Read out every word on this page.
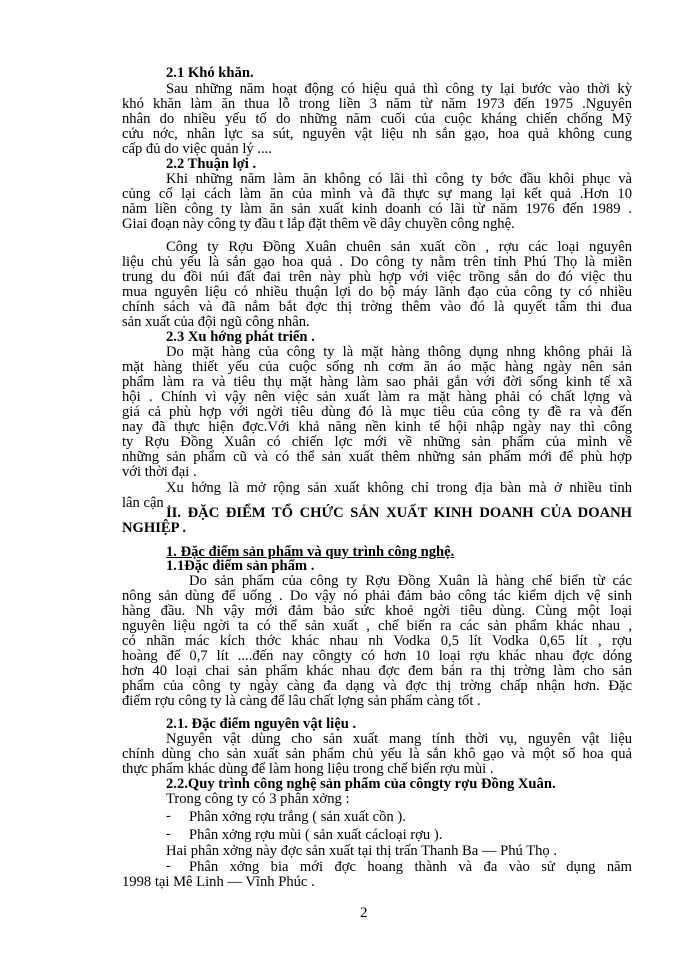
2.1 Khó khăn.
Sau những năm hoạt động có hiệu quả thì công ty lại bước vào thời kỳ
khó khăn làm ăn thua lỗ trong liền 3 năm từ năm 1973 đến 1975 .Nguyên
nhân do nhiều yếu tố do những năm cuối của cuộc kháng chiến chống Mỹ
cứu nớc, nhân lực sa sút, nguyên vật liệu nh sắn gạo, hoa quả không cung
cấp đủ do việc quản lý ....
2.2 Thuận lợi .
Khi những năm làm ăn không có lãi thì công ty bớc đầu khôi phục và
củng cố lại cách làm ăn của mình và đã thực sự mang lại kết quả .Hơn 10
năm liền công ty làm ăn sản xuất kinh doanh có lãi từ năm 1976 đến 1989 .
Giai đoạn này công ty đầu t lắp đặt thêm về dây chuyền công nghệ.
Công ty Rợu Đồng Xuân chuên sản xuất cồn , rợu các loại nguyên
liệu chủ yếu là sắn gạo hoa quả . Do công ty nằm trên tỉnh Phú Thọ là miền
trung du đồi núi đất đai trên này phù hợp với việc trồng sắn do đó việc thu
mua nguyên liệu có nhiều thuận lợi do bộ máy lãnh đạo của công ty có nhiều
chính sách và đã nắm bắt đợc thị trờng thêm vào đó là quyết tâm thi đua
sản xuất của đội ngũ công nhân.
2.3 Xu hớng phát triển .
Do mặt hàng của công ty là mặt hàng thông dụng nhng không phải là
mặt hàng thiết yếu của cuộc sống nh cơm ăn áo mặc hàng ngày nên sản
phẩm làm ra và tiêu thụ mặt hàng làm sao phải gắn với đời sống kinh tế xã
hội . Chính vì vậy nên việc sản xuất làm ra mặt hàng phải có chất lợng và
giá cả phù hợp với ngời tiêu dùng đó là mục tiêu của công ty đề ra và đến
nay đã thực hiện đợc.Với khả năng nền kinh tế hội nhập ngày nay thì công
ty Rợu Đồng Xuân có chiến lợc mới về những sản phẩm của mình về
những sản phẩm cũ và có thể sản xuất thêm những sản phẩm mới để phù hợp
với thời đại .
Xu hớng là mở rộng sản xuất không chỉ trong địa bàn mà ở nhiều tỉnh
lân cận .
II. ĐẶC ĐIỂM TỔ CHỨC SẢN XUẤT KINH DOANH CỦA DOANH
NGHIỆP .
1. Đặc điểm sản phẩm và quy trình công nghệ.
1.1Đặc điểm sản phẩm .
Do sản phẩm của công ty Rợu Đồng Xuân là hàng chế biến từ các
nông sản dùng để uống . Do vậy nó phải đảm bảo công tác kiểm dịch vệ sinh
hàng đầu. Nh vậy mới đảm bảo sức khoẻ ngời tiêu dùng. Cùng một loại
nguyên liệu ngời ta có thể sản xuất , chế biến ra các sản phẩm khác nhau ,
có nhãn mác kích thớc khác nhau nh Vodka 0,5 lít Vodka 0,65 lít , rợu
hoàng đế 0,7 lít ....đến nay côngty có hơn 10 loại rợu khác nhau đợc dóng
hơn 40 loại chai sản phẩm khác nhau đợc đem bán ra thị trờng làm cho sản
phẩm của công ty ngày càng đa dạng và đợc thị trờng chấp nhận hơn. Đặc
điểm rợu công ty là càng để lâu chất lợng sản phẩm càng tốt .
2.1. Đặc điểm nguyên vật liệu .
Nguyên vật dùng cho sản xuất mang tính thời vụ, nguyên vật liệu
chính dùng cho sản xuất sản phẩm chủ yếu là sắn khô gạo và một số hoa quả
thực phẩm khác dùng để làm hong liệu trong chế biến rợu mùi .
2.2.Quy trình công nghệ sản phẩm của côngty rợu Đồng Xuân.
Trong công ty có 3 phân xởng :
- Phân xởng rợu trắng ( sản xuất cồn ).
- Phân xởng rợu mùi ( sản xuất cácloại rợu ).
Hai phân xởng này đợc sản xuất tại thị trấn Thanh Ba — Phú Thọ .
- Phân xởng bia mới đợc hoang thành và đa vào sử dụng năm
1998 tại Mê Linh — Vĩnh Phúc .
2
